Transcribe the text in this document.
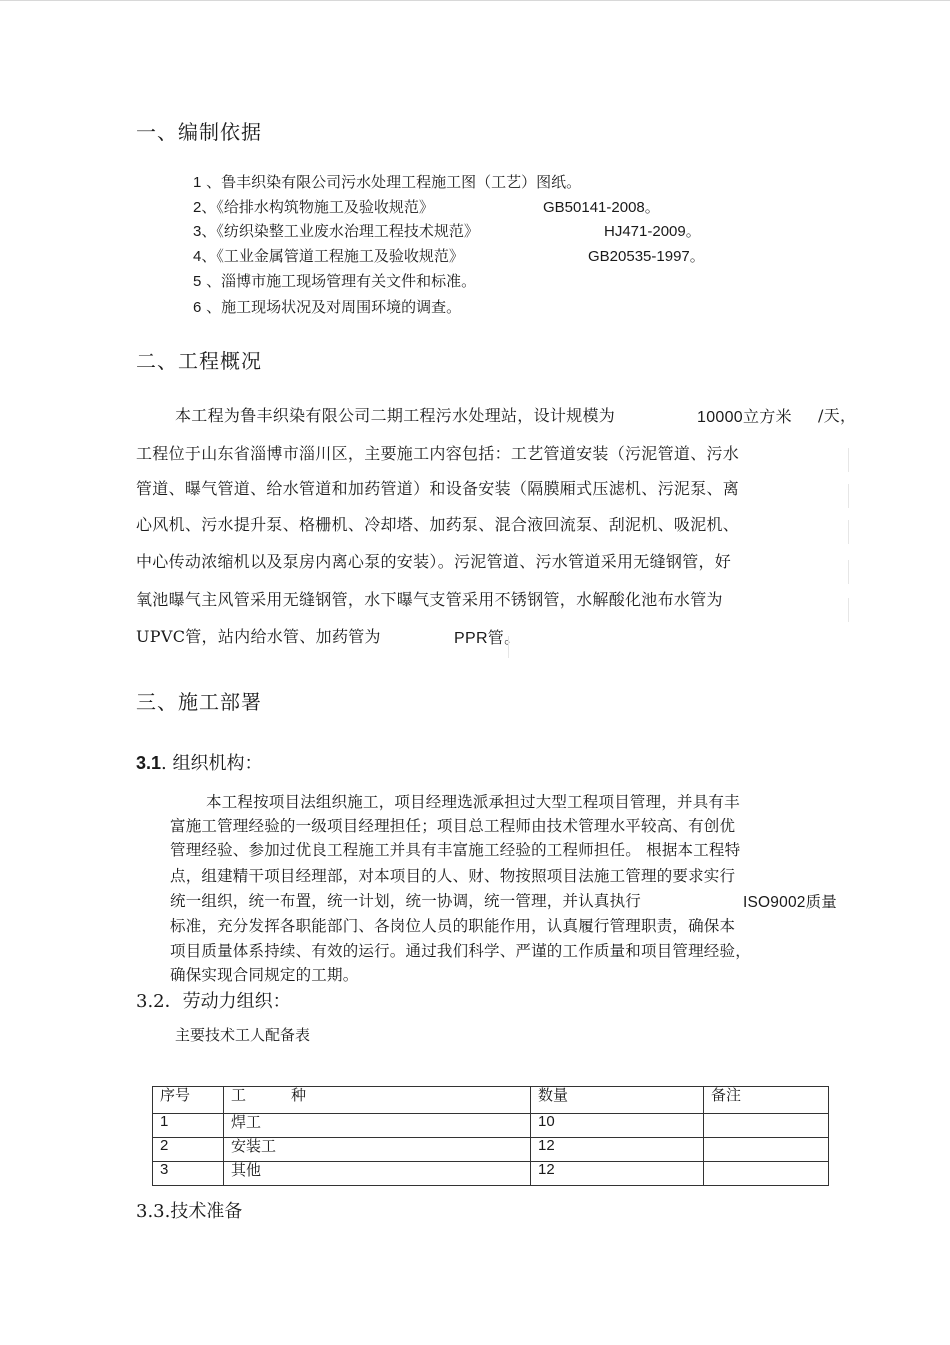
一、编制依据
1 、鲁丰织染有限公司污水处理工程施工图（工艺）图纸。
2、《给排水构筑物施工及验收规范》	GB50141-2008。
3、《纺织染整工业废水治理工程技术规范》	HJ471-2009。
4、《工业金属管道工程施工及验收规范》	GB20535-1997。
5 、淄博市施工现场管理有关文件和标准。
6 、施工现场状况及对周围环境的调查。
二、工程概况
本工程为鲁丰织染有限公司二期工程污水处理站，设计规模为	10000立方米 /天，
工程位于山东省淄博市淄川区，主要施工内容包括：工艺管道安装（污泥管道、污水
管道、曝气管道、给水管道和加药管道）和设备安装（隔膜厢式压滤机、污泥泵、离
心风机、污水提升泵、格栅机、冷却塔、加药泵、混合液回流泵、刮泥机、吸泥机、
中心传动浓缩机以及泵房内离心泵的安装）。污泥管道、污水管道采用无缝钢管，好
氧池曝气主风管采用无缝钢管，水下曝气支管采用不锈钢管，水解酸化池布水管为
UPVC管，站内给水管、加药管为	PPR管。
三、施工部署
3.1. 组织机构：
本工程按项目法组织施工，项目经理选派承担过大型工程项目管理，并具有丰
富施工管理经验的一级项目经理担任；项目总工程师由技术管理水平较高、有创优
管理经验、参加过优良工程施工并具有丰富施工经验的工程师担任。 根据本工程特
点，组建精干项目经理部，对本项目的人、财、物按照项目法施工管理的要求实行
统一组织，统一布置，统一计划，统一协调，统一管理，并认真执行	ISO9002质量
标准，充分发挥各职能部门、各岗位人员的职能作用，认真履行管理职责，确保本
项目质量体系持续、有效的运行。通过我们科学、严谨的工作质量和项目管理经验，
确保实现合同规定的工期。
3.2．劳动力组织：
主要技术工人配备表
序号	工　　　种	数量	备注
1	焊工	10	
2	安装工	12	
3	其他	12	
3.3.技术准备
